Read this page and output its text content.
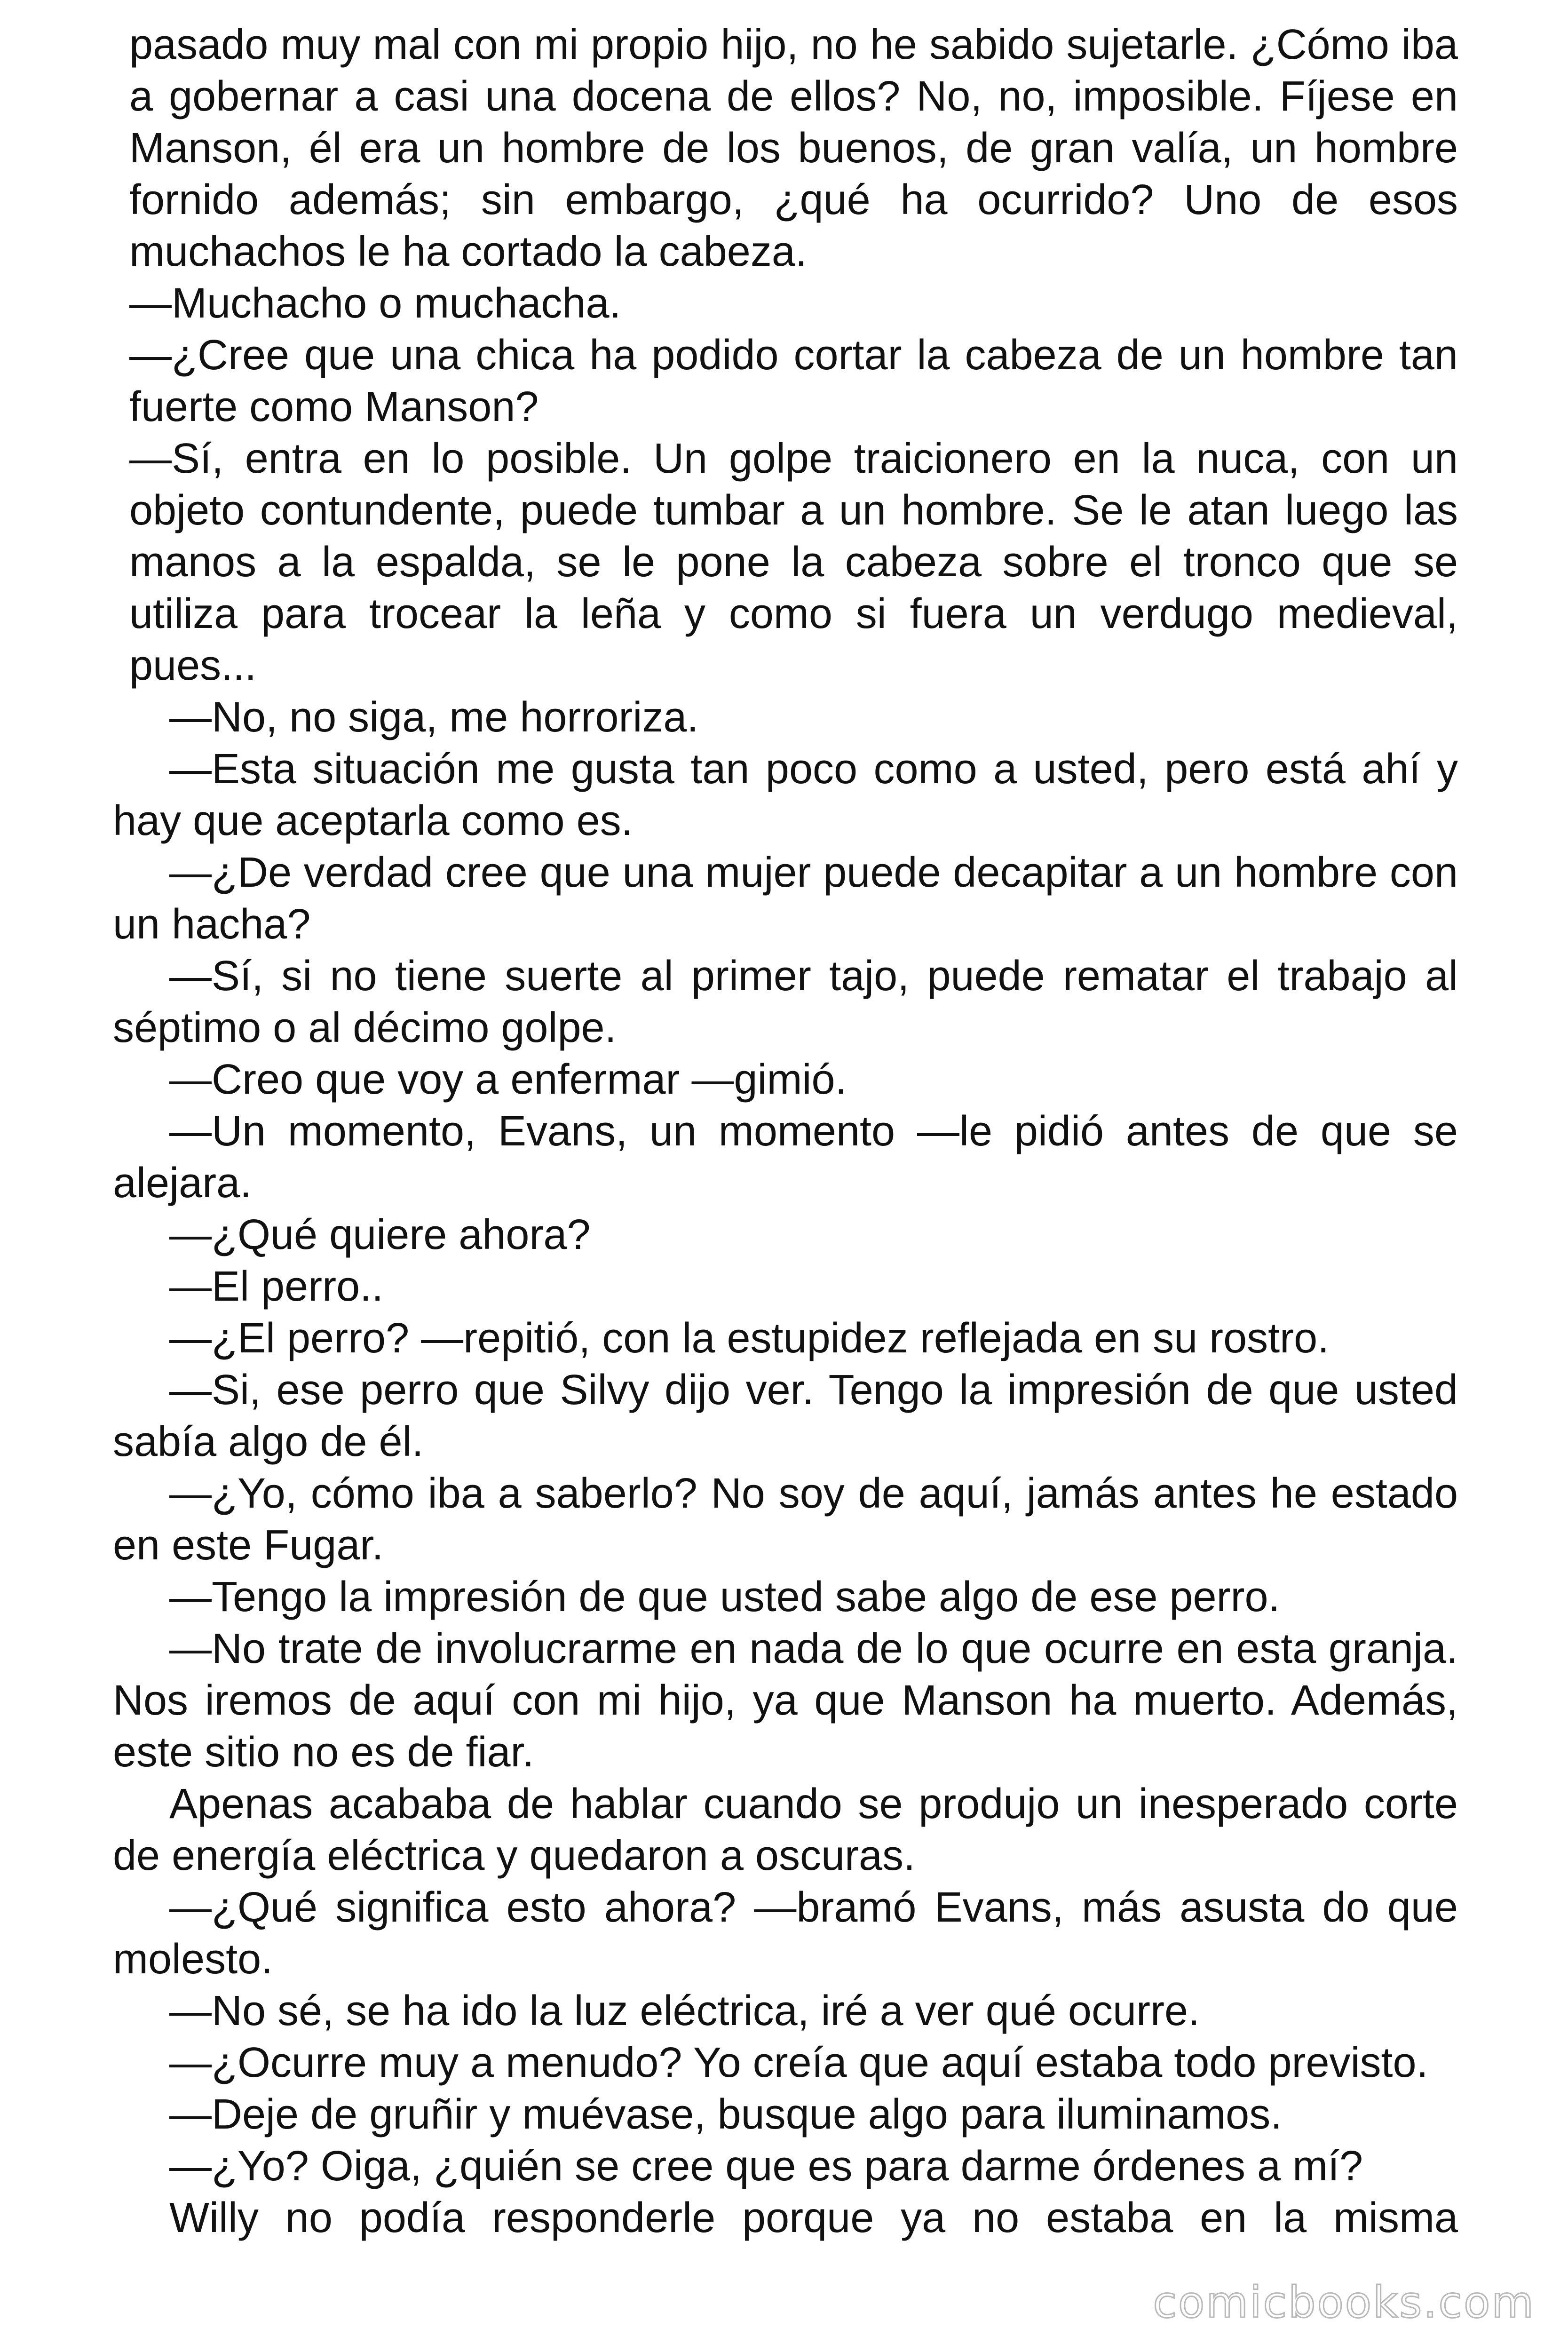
pasado muy mal con mi propio hijo, no he sabido sujetarle. ¿Cómo iba a gobernar a casi una docena de ellos? No, no, imposible. Fíjese en Manson, él era un hombre de los buenos, de gran valía, un hombre fornido además; sin embargo, ¿qué ha ocurrido? Uno de esos muchachos le ha cortado la cabeza.

—Muchacho o muchacha.

—¿Cree que una chica ha podido cortar la cabeza de un hombre tan fuerte como Manson?

—Sí, entra en lo posible. Un golpe traicionero en la nuca, con un objeto contundente, puede tumbar a un hombre. Se le atan luego las manos a la espalda, se le pone la cabeza sobre el tronco que se utiliza para trocear la leña y como si fuera un verdugo medieval, pues...

—No, no siga, me horroriza.

—Esta situación me gusta tan poco como a usted, pero está ahí y hay que aceptarla como es.

—¿De verdad cree que una mujer puede decapitar a un hombre con un hacha?

—Sí, si no tiene suerte al primer tajo, puede rematar el trabajo al séptimo o al décimo golpe.

—Creo que voy a enfermar —gimió.

—Un momento, Evans, un momento —le pidió antes de que se alejara.

—¿Qué quiere ahora?

—El perro..

—¿El perro? —repitió, con la estupidez reflejada en su rostro.

—Si, ese perro que Silvy dijo ver. Tengo la impresión de que usted sabía algo de él.

—¿Yo, cómo iba a saberlo? No soy de aquí, jamás antes he estado en este Fugar.

—Tengo la impresión de que usted sabe algo de ese perro.

—No trate de involucrarme en nada de lo que ocurre en esta granja. Nos iremos de aquí con mi hijo, ya que Manson ha muerto. Además, este sitio no es de fiar.

Apenas acababa de hablar cuando se produjo un inesperado corte de energía eléctrica y quedaron a oscuras.

—¿Qué significa esto ahora? —bramó Evans, más asusta do que molesto.

—No sé, se ha ido la luz eléctrica, iré a ver qué ocurre.

—¿Ocurre muy a menudo? Yo creía que aquí estaba todo previsto.

—Deje de gruñir y muévase, busque algo para iluminamos.

—¿Yo? Oiga, ¿quién se cree que es para darme órdenes a mí?

Willy no podía responderle porque ya no estaba en la misma

comicbooks.com
